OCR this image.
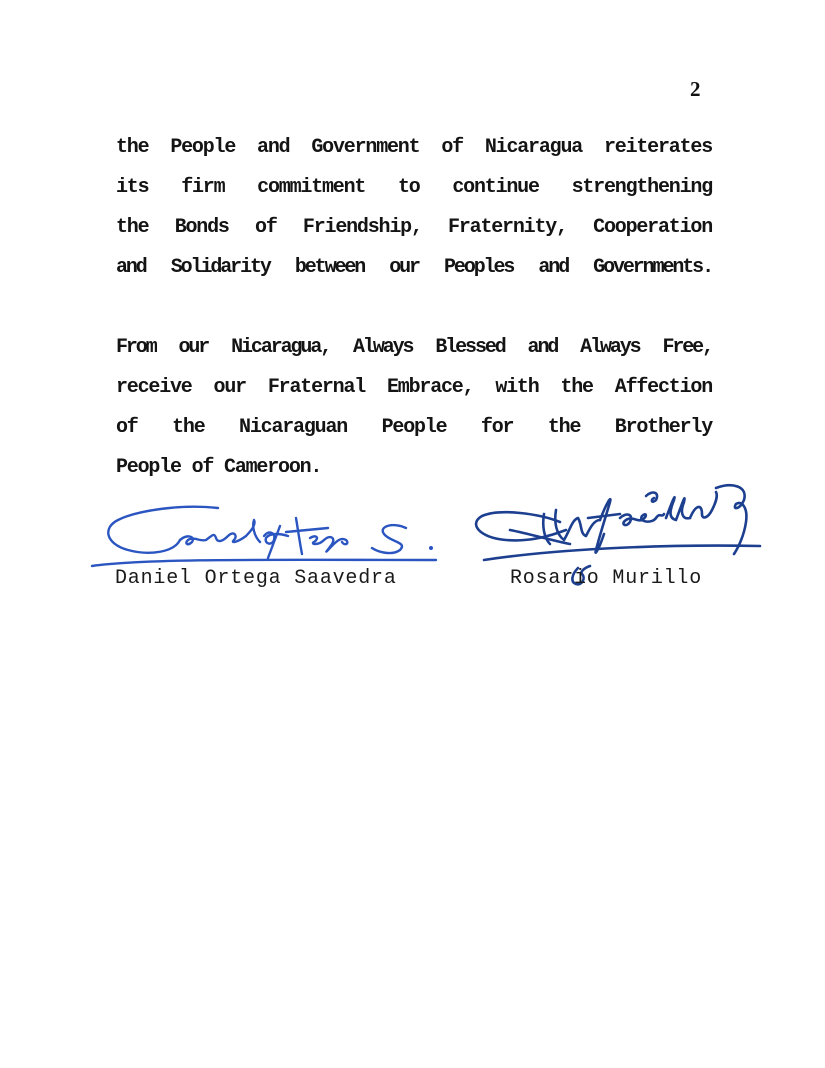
2
the People and Government of Nicaragua reiterates
its firm commitment to continue strengthening
the Bonds of Friendship, Fraternity, Cooperation
and Solidarity between our Peoples and Governments.
From our Nicaragua, Always Blessed and Always Free,
receive our Fraternal Embrace, with the Affection
of the Nicaraguan People for the Brotherly
People of Cameroon.
Daniel Ortega Saavedra	Rosario Murillo
